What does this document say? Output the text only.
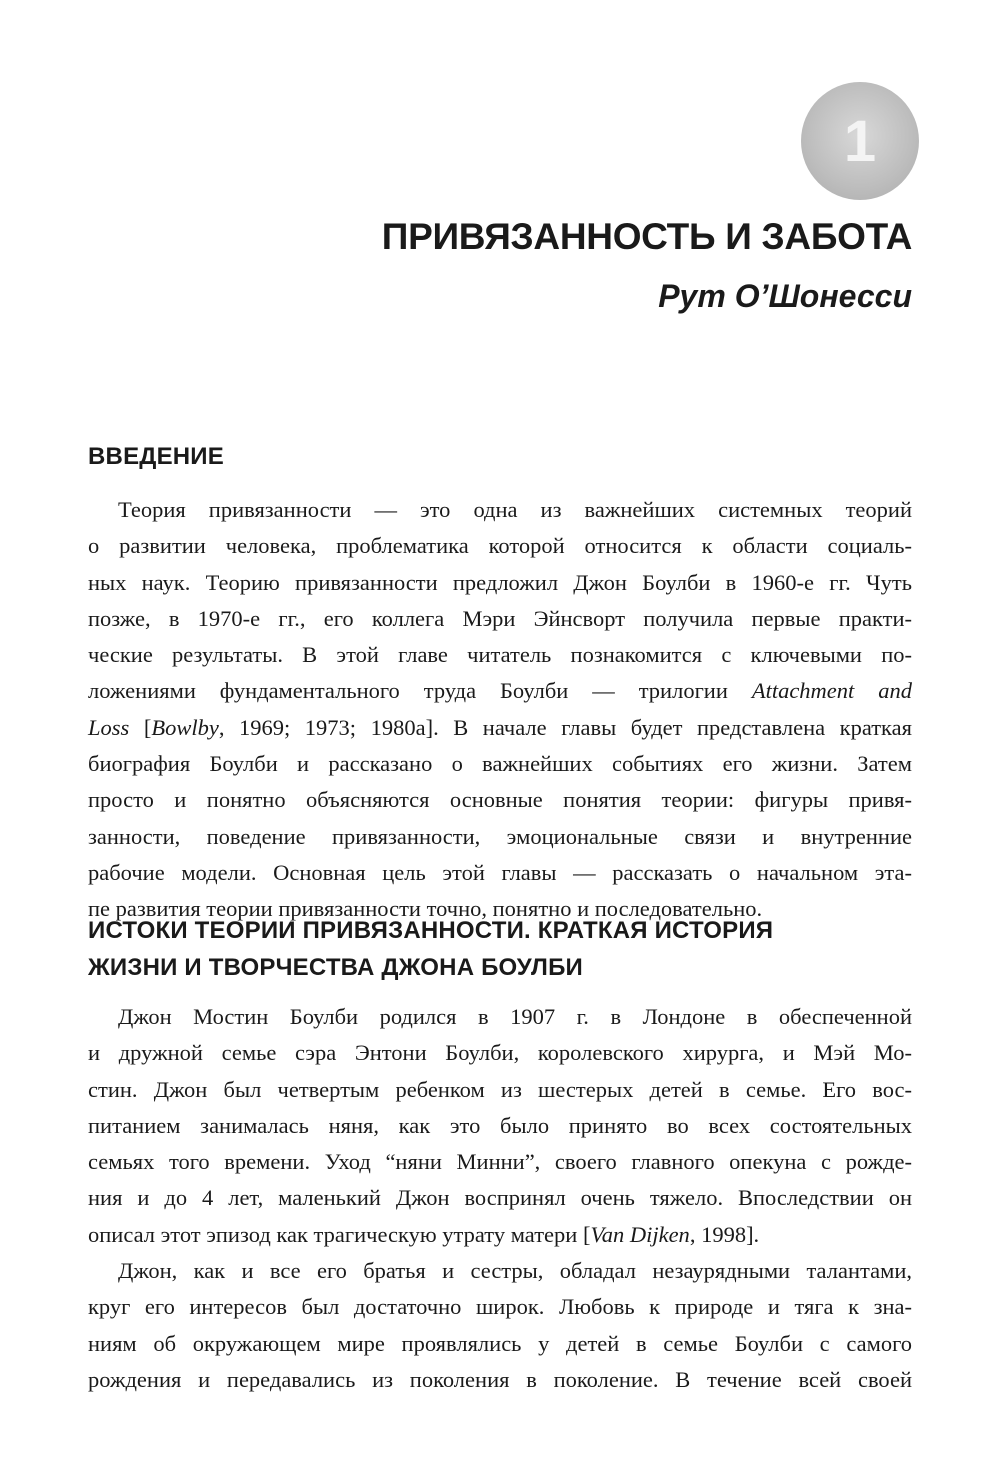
1
ПРИВЯЗАННОСТЬ И ЗАБОТА
Рут О’Шонесси
ВВЕДЕНИЕ
Теория привязанности — это одна из важнейших системных теорий
о развитии человека, проблематика которой относится к области социаль-
ных наук. Теорию привязанности предложил Джон Боулби в 1960-е гг. Чуть
позже, в 1970-е гг., его коллега Мэри Эйнсворт получила первые практи-
ческие результаты. В этой главе читатель познакомится с ключевыми по-
ложениями фундаментального труда Боулби — трилогии Attachment and
Loss [Bowlby, 1969; 1973; 1980a]. В начале главы будет представлена краткая
биография Боулби и рассказано о важнейших событиях его жизни. Затем
просто и понятно объясняются основные понятия теории: фигуры привя-
занности, поведение привязанности, эмоциональные связи и внутренние
рабочие модели. Основная цель этой главы — рассказать о начальном эта-
пе развития теории привязанности точно, понятно и последовательно.
ИСТОКИ ТЕОРИИ ПРИВЯЗАННОСТИ. КРАТКАЯ ИСТОРИЯ
ЖИЗНИ И ТВОРЧЕСТВА ДЖОНА БОУЛБИ
Джон Мостин Боулби родился в 1907 г. в Лондоне в обеспеченной
и дружной семье сэра Энтони Боулби, королевского хирурга, и Мэй Мо-
стин. Джон был четвертым ребенком из шестерых детей в семье. Его вос-
питанием занималась няня, как это было принято во всех состоятельных
семьях того времени. Уход “няни Минни”, своего главного опекуна с рожде-
ния и до 4 лет, маленький Джон воспринял очень тяжело. Впоследствии он
описал этот эпизод как трагическую утрату матери [Van Dijken, 1998].
Джон, как и все его братья и сестры, обладал незаурядными талантами,
круг его интересов был достаточно широк. Любовь к природе и тяга к зна-
ниям об окружающем мире проявлялись у детей в семье Боулби с самого
рождения и передавались из поколения в поколение. В течение всей своей
